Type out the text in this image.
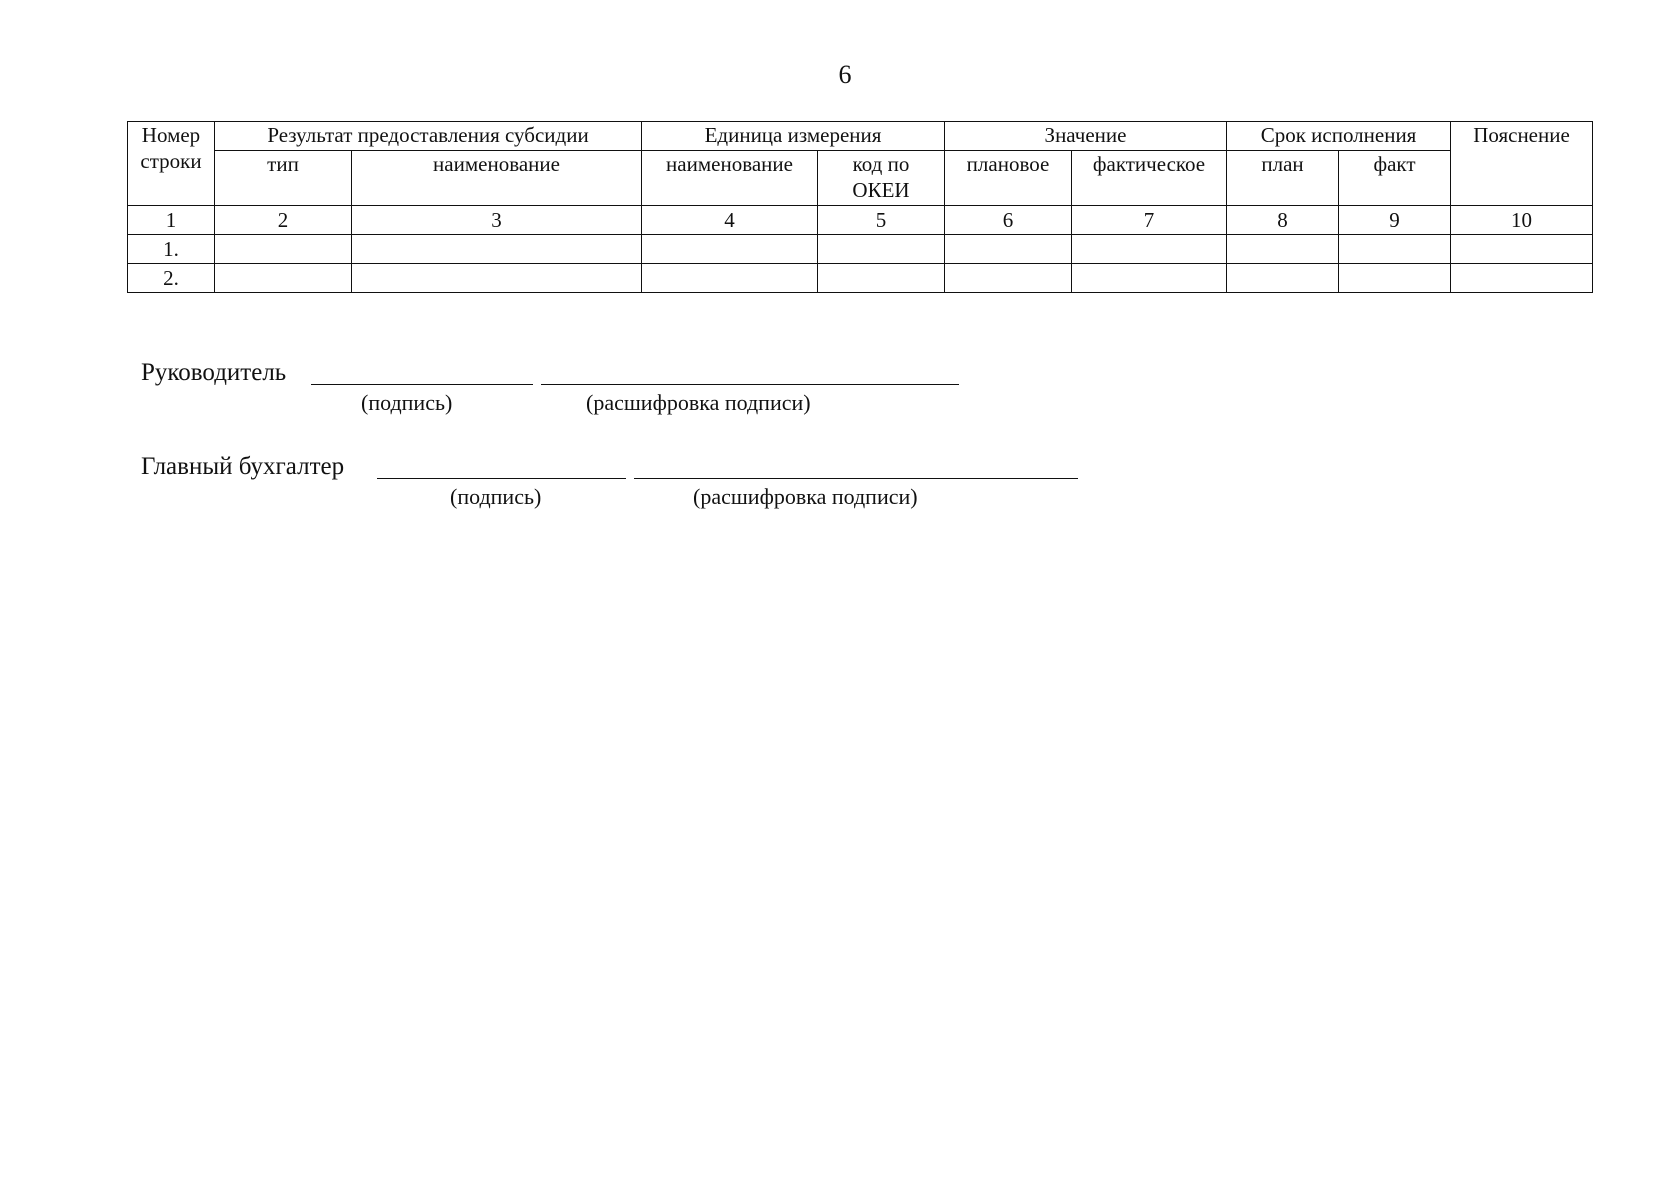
6
Номер строки	Результат предоставления субсидии		Единица измерения		Значение		Срок исполнения		Пояснение
	тип	наименование	наименование	код по ОКЕИ	плановое	фактическое	план	факт	
1	2	3	4	5	6	7	8	9	10
1.									
2.									
Руководитель
(подпись)	(расшифровка подписи)
Главный бухгалтер
(подпись)	(расшифровка подписи)
